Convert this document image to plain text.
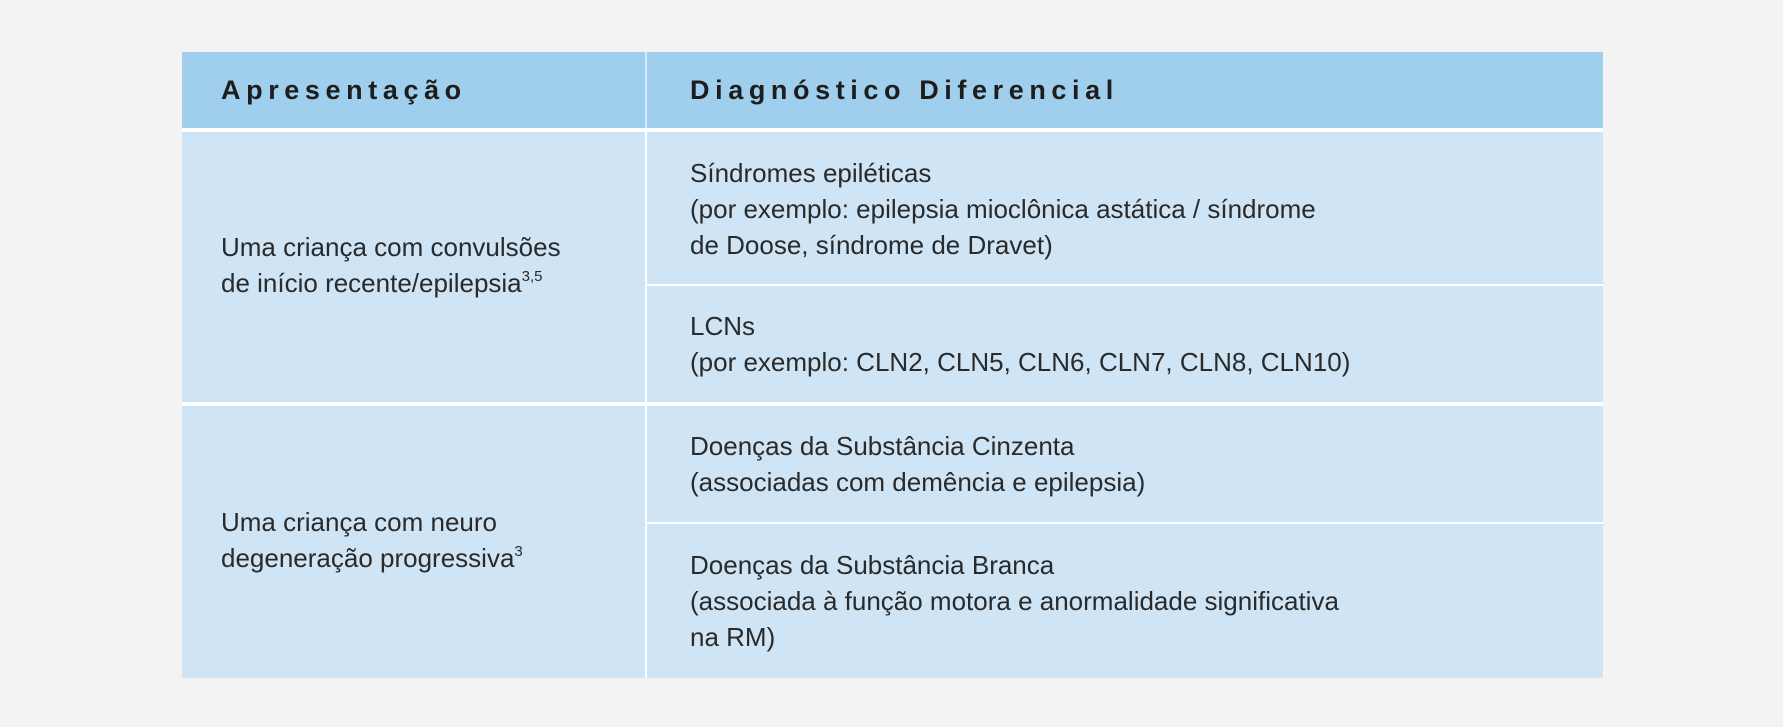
Apresentação	Diagnóstico Diferencial
Uma criança com convulsões
de início recente/epilepsia$^{3,5}$
Síndromes epiléticas
(por exemplo: epilepsia mioclônica astática / síndrome
de Doose, síndrome de Dravet)
LCNs
(por exemplo: CLN2, CLN5, CLN6, CLN7, CLN8, CLN10)
Uma criança com neuro
degeneração progressiva$^3$
Doenças da Substância Cinzenta
(associadas com demência e epilepsia)
Doenças da Substância Branca
(associada à função motora e anormalidade significativa
na RM)
